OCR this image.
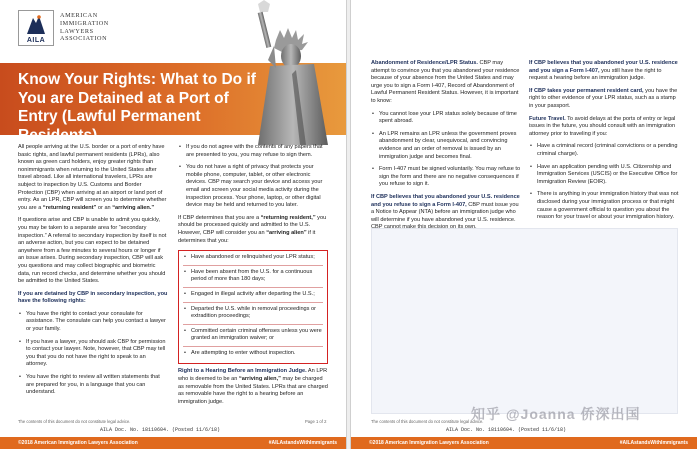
AILA
AMERICAN
IMMIGRATION
LAWYERS
ASSOCIATION
Know Your Rights: What to Do if You are Detained at a Port of Entry (Lawful Permanent Residents)

All people arriving at the U.S. border or a port of entry have basic rights, and lawful permanent residents (LPRs), also known as green card holders, enjoy greater rights than nonimmigrants when returning to the United States after travel abroad. Like all international travelers, LPRs are subject to inspection by U.S. Customs and Border Protection (CBP) when arriving at an airport or land port of entry. As an LPR, CBP will screen you to determine whether you are a “returning resident” or an “arriving alien.”

If questions arise and CBP is unable to admit you quickly, you may be taken to a separate area for “secondary inspection.” A referral to secondary inspection by itself is not an adverse action, but you can expect to be detained anywhere from a few minutes to several hours or longer if an issue arises. During secondary inspection, CBP will ask you questions and may collect biographic and biometric data, run record checks, and determine whether you should be admitted to the United States.

If you are detained by CBP in secondary inspection, you have the following rights:

• You have the right to contact your consulate for assistance. The consulate can help you contact a lawyer or your family.
• If you have a lawyer, you should ask CBP for permission to contact your lawyer. Note, however, that CBP may tell you that you do not have the right to speak to an attorney.
• You have the right to review all written statements that are prepared for you, in a language that you can understand.
• If you do not agree with the contents of any papers that are presented to you, you may refuse to sign them.
• You do not have a right of privacy that protects your mobile phone, computer, tablet, or other electronic devices. CBP may search your device and access your email and screen your social media activity during the inspection process. Your phone, laptop, or other digital device may be held and returned to you later.

If CBP determines that you are a “returning resident,” you should be processed quickly and admitted to the U.S. However, CBP will consider you an “arriving alien” if it determines that you:

• Have abandoned or relinquished your LPR status;
• Have been absent from the U.S. for a continuous period of more than 180 days;
• Engaged in illegal activity after departing the U.S.;
• Departed the U.S. while in removal proceedings or extradition proceedings;
• Committed certain criminal offenses unless you were granted an immigration waiver; or
• Are attempting to enter without inspection.

Right to a Hearing Before an Immigration Judge. An LPR who is deemed to be an “arriving alien,” may be charged as removable from the United States. LPRs that are charged as removable have the right to a hearing before an immigration judge.

The contents of this document do not constitute legal advice.	Page 1 of 2
AILA Doc. No. 18110604. (Posted 11/6/18)
©2018 American Immigration Lawyers Association	#AILAstandsWithImmigrants

Abandonment of Residence/LPR Status. CBP may attempt to convince you that you abandoned your residence because of your absence from the United States and may urge you to sign a Form I-407, Record of Abandonment of Lawful Permanent Resident Status. However, it is important to know:

• You cannot lose your LPR status solely because of time spent abroad.
• An LPR remains an LPR unless the government proves abandonment by clear, unequivocal, and convincing evidence and an order of removal is issued by an immigration judge and becomes final.
• Form I-407 must be signed voluntarily. You may refuse to sign the form and there are no negative consequences if you refuse to sign it.

If CBP believes that you abandoned your U.S. residence and you refuse to sign a Form I-407, CBP must issue you a Notice to Appear (NTA) before an immigration judge who will determine if you have abandoned your U.S. residence.

If CBP believes that you abandoned your U.S. residence and you sign a Form I-407, you still have the right to request a hearing before an immigration judge.

If CBP takes your permanent resident card, you have the right to other evidence of your LPR status, such as a stamp in your passport.

Future Travel. To avoid delays at the ports of entry or legal issues in the future, you should consult with an immigration attorney prior to traveling if you:

• Have a criminal record (criminal convictions or a pending criminal charge).
• Have an application pending with U.S. Citizenship and Immigration Services (USCIS) or the Executive Office for Immigration Review (EOIR).
• There is anything in your immigration history that was not disclosed during your immigration process or that might cause a government official to question you about the reason for your travel or about your immigration history.
The contents of this document do not constitute legal advice.
AILA Doc. No. 18110604. (Posted 11/6/18)
知乎 @Joanna 侨深出国
©2018 American Immigration Lawyers Association	#AILAstandsWithImmigrants
